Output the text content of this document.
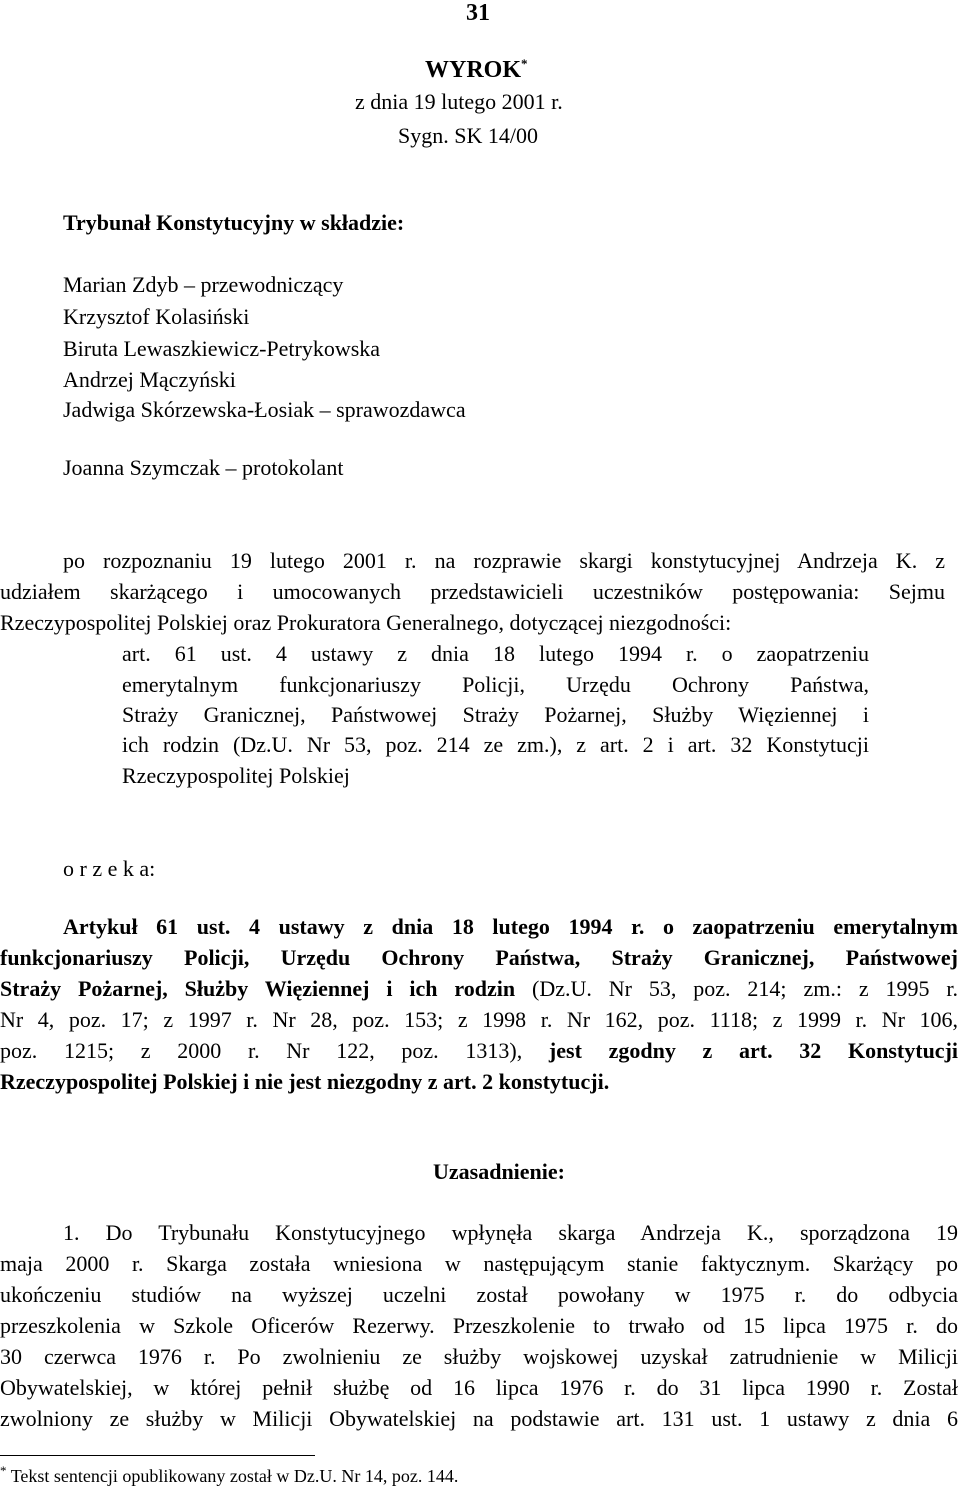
31
WYROK*
z dnia 19 lutego 2001 r.
Sygn. SK 14/00
Trybunał Konstytucyjny w składzie:
Marian Zdyb – przewodniczący
Krzysztof Kolasiński
Biruta Lewaszkiewicz-Petrykowska
Andrzej Mączyński
Jadwiga Skórzewska-Łosiak – sprawozdawca
Joanna Szymczak – protokolant
po rozpoznaniu 19 lutego 2001 r. na rozprawie skargi konstytucyjnej Andrzeja K. z
udziałem skarżącego i umocowanych przedstawicieli uczestników postępowania: Sejmu
Rzeczypospolitej Polskiej oraz Prokuratora Generalnego, dotyczącej niezgodności:
art. 61 ust. 4 ustawy z dnia 18 lutego 1994 r. o zaopatrzeniu
emerytalnym funkcjonariuszy Policji, Urzędu Ochrony Państwa,
Straży Granicznej, Państwowej Straży Pożarnej, Służby Więziennej i
ich rodzin (Dz.U. Nr 53, poz. 214 ze zm.), z art. 2 i art. 32 Konstytucji
Rzeczypospolitej Polskiej
o r z e k a:
Artykuł 61 ust. 4 ustawy z dnia 18 lutego 1994 r. o zaopatrzeniu emerytalnym
funkcjonariuszy Policji, Urzędu Ochrony Państwa, Straży Granicznej, Państwowej
Straży Pożarnej, Służby Więziennej i ich rodzin (Dz.U. Nr 53, poz. 214; zm.: z 1995 r.
Nr 4, poz. 17; z 1997 r. Nr 28, poz. 153; z 1998 r. Nr 162, poz. 1118; z 1999 r. Nr 106,
poz. 1215; z 2000 r. Nr 122, poz. 1313), jest zgodny z art. 32 Konstytucji
Rzeczypospolitej Polskiej i nie jest niezgodny z art. 2 konstytucji.
Uzasadnienie:
1. Do Trybunału Konstytucyjnego wpłynęła skarga Andrzeja K., sporządzona 19
maja 2000 r. Skarga została wniesiona w następującym stanie faktycznym. Skarżący po
ukończeniu studiów na wyższej uczelni został powołany w 1975 r. do odbycia
przeszkolenia w Szkole Oficerów Rezerwy. Przeszkolenie to trwało od 15 lipca 1975 r. do
30 czerwca 1976 r. Po zwolnieniu ze służby wojskowej uzyskał zatrudnienie w Milicji
Obywatelskiej, w której pełnił służbę od 16 lipca 1976 r. do 31 lipca 1990 r. Został
zwolniony ze służby w Milicji Obywatelskiej na podstawie art. 131 ust. 1 ustawy z dnia 6
* Tekst sentencji opublikowany został w Dz.U. Nr 14, poz. 144.
